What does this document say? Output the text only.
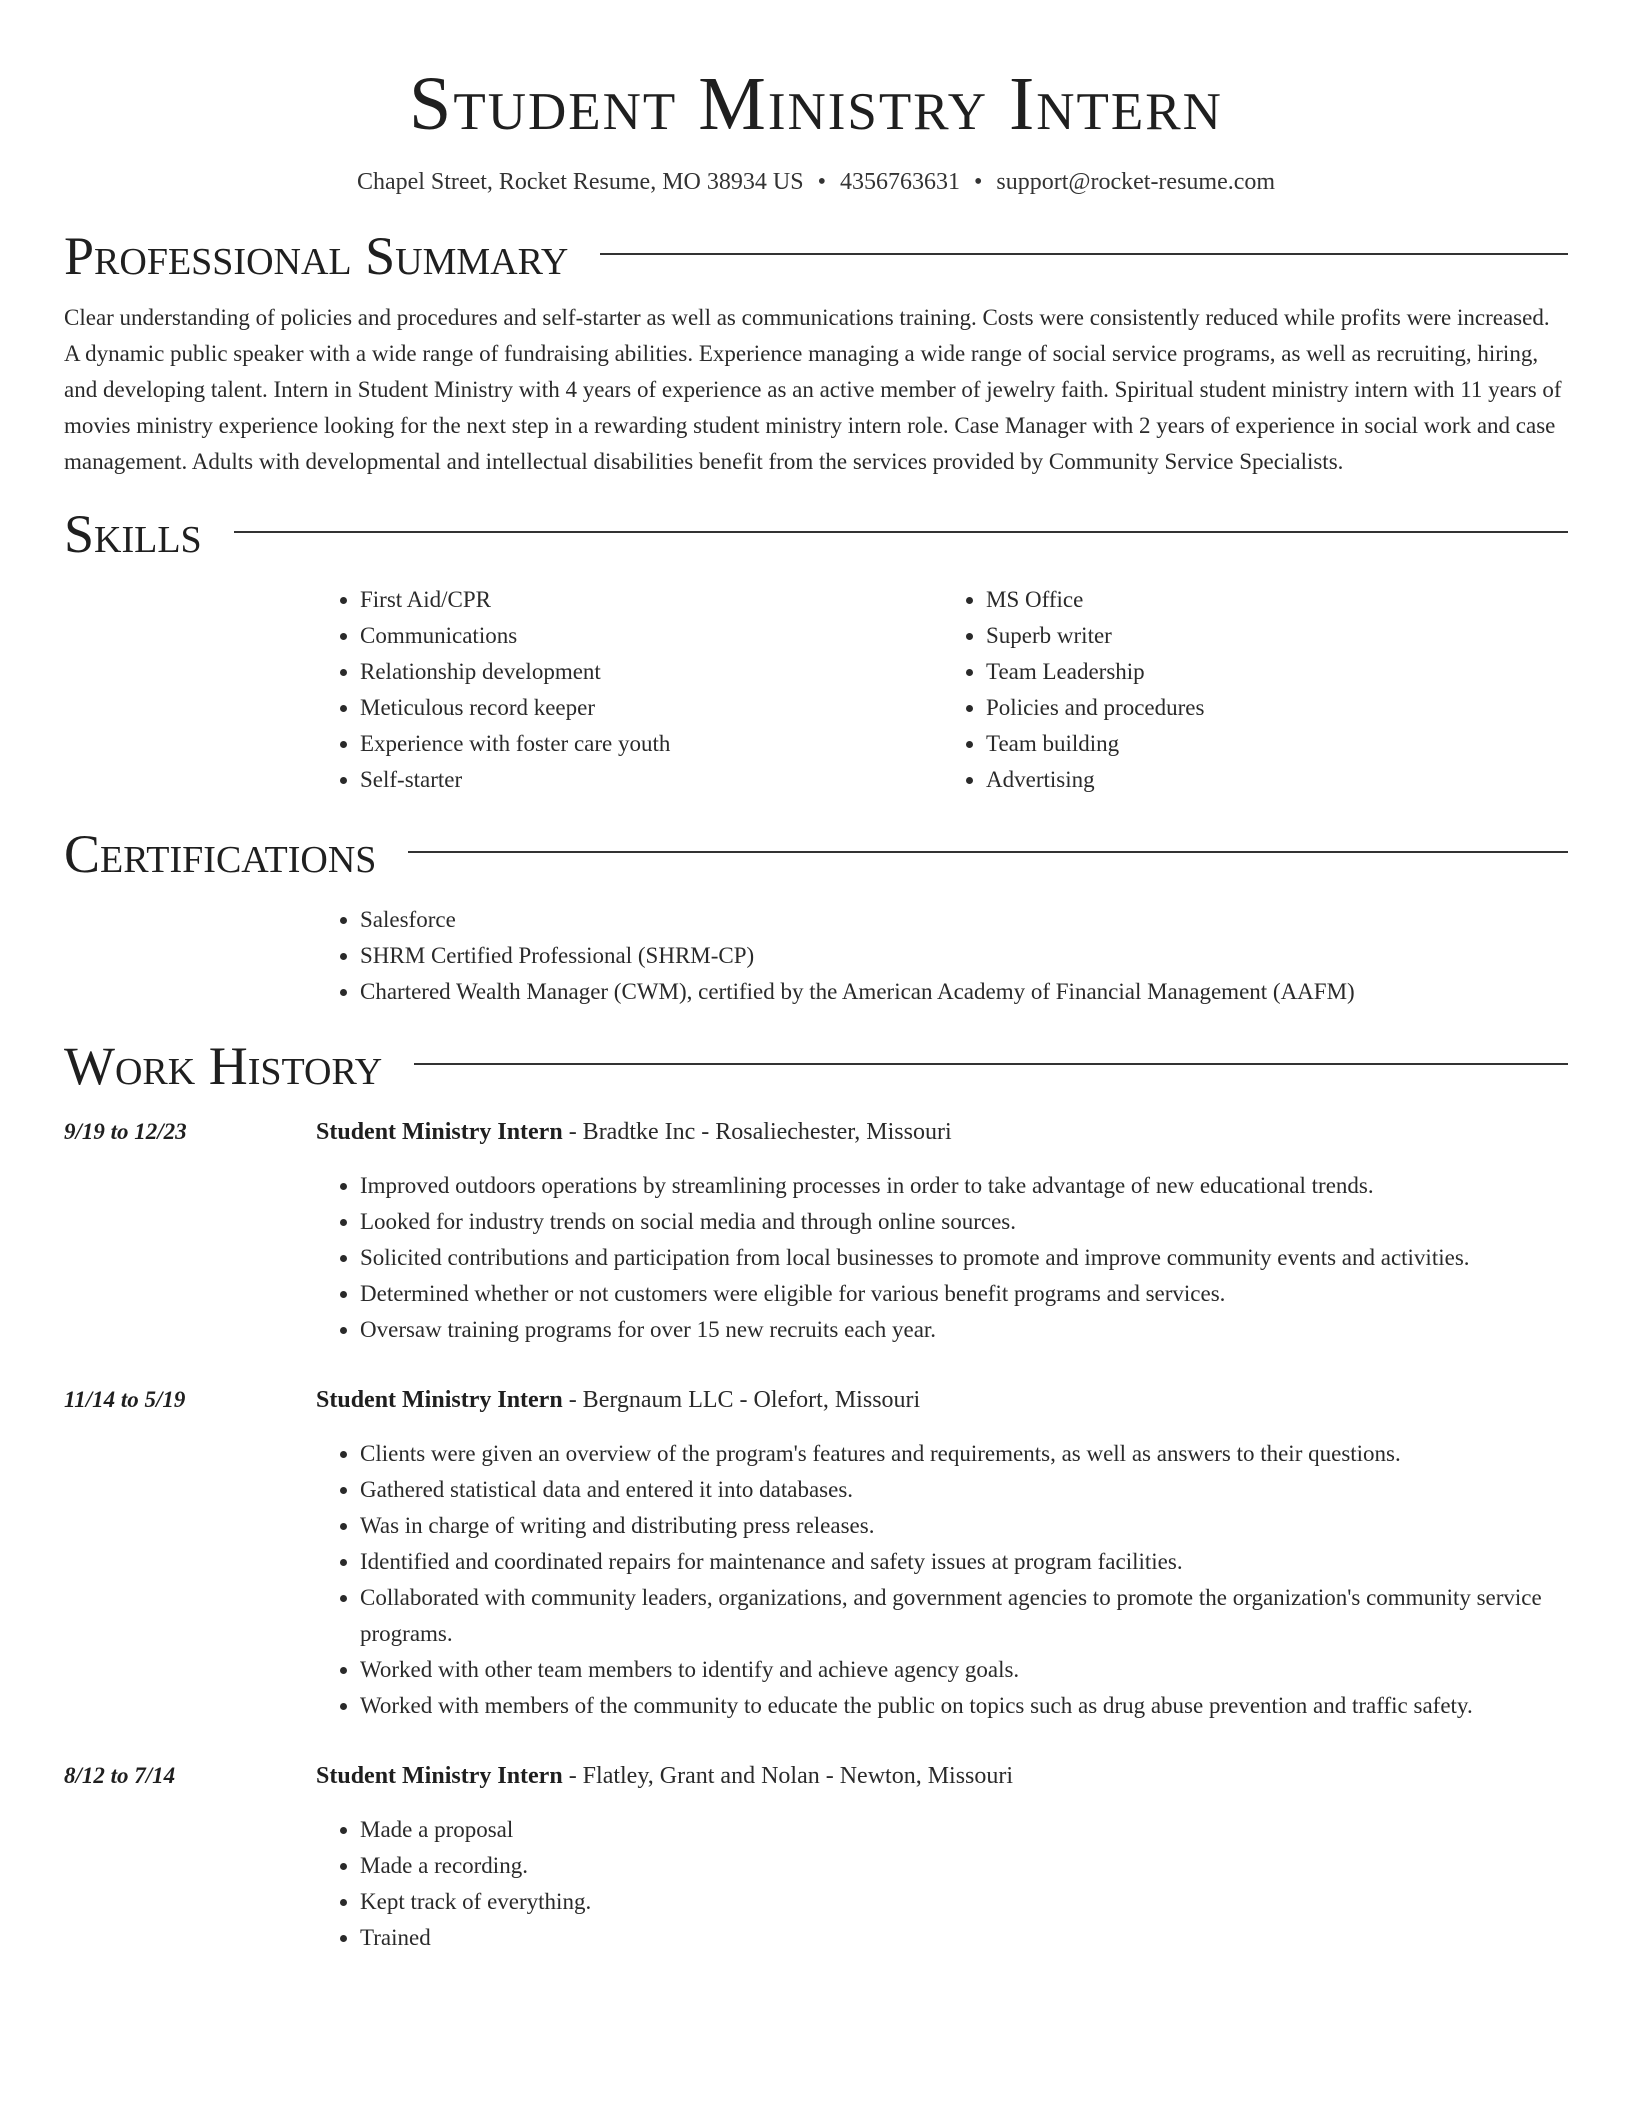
Student Ministry Intern
Chapel Street, Rocket Resume, MO 38934 US • 4356763631 • support@rocket-resume.com
Professional Summary

Clear understanding of policies and procedures and self-starter as well as communications training. Costs were consistently reduced while profits were increased. A dynamic public speaker with a wide range of fundraising abilities. Experience managing a wide range of social service programs, as well as recruiting, hiring, and developing talent. Intern in Student Ministry with 4 years of experience as an active member of jewelry faith. Spiritual student ministry intern with 11 years of movies ministry experience looking for the next step in a rewarding student ministry intern role. Case Manager with 2 years of experience in social work and case management. Adults with developmental and intellectual disabilities benefit from the services provided by Community Service Specialists.

Skills
• First Aid/CPR
• Communications
• Relationship development
• Meticulous record keeper
• Experience with foster care youth
• Self-starter
• MS Office
• Superb writer
• Team Leadership
• Policies and procedures
• Team building
• Advertising
Certifications
• Salesforce
• SHRM Certified Professional (SHRM-CP)
• Chartered Wealth Manager (CWM), certified by the American Academy of Financial Management (AAFM)
Work History
9/19 to 12/23	Student Ministry Intern - Bradtke Inc - Rosaliechester, Missouri
• Improved outdoors operations by streamlining processes in order to take advantage of new educational trends.
• Looked for industry trends on social media and through online sources.
• Solicited contributions and participation from local businesses to promote and improve community events and activities.
• Determined whether or not customers were eligible for various benefit programs and services.
• Oversaw training programs for over 15 new recruits each year.
11/14 to 5/19	Student Ministry Intern - Bergnaum LLC - Olefort, Missouri
• Clients were given an overview of the program's features and requirements, as well as answers to their questions.
• Gathered statistical data and entered it into databases.
• Was in charge of writing and distributing press releases.
• Identified and coordinated repairs for maintenance and safety issues at program facilities.
• Collaborated with community leaders, organizations, and government agencies to promote the organization's community service programs.
• Worked with other team members to identify and achieve agency goals.
• Worked with members of the community to educate the public on topics such as drug abuse prevention and traffic safety.
8/12 to 7/14	Student Ministry Intern - Flatley, Grant and Nolan - Newton, Missouri
• Made a proposal
• Made a recording.
• Kept track of everything.
• Trained
